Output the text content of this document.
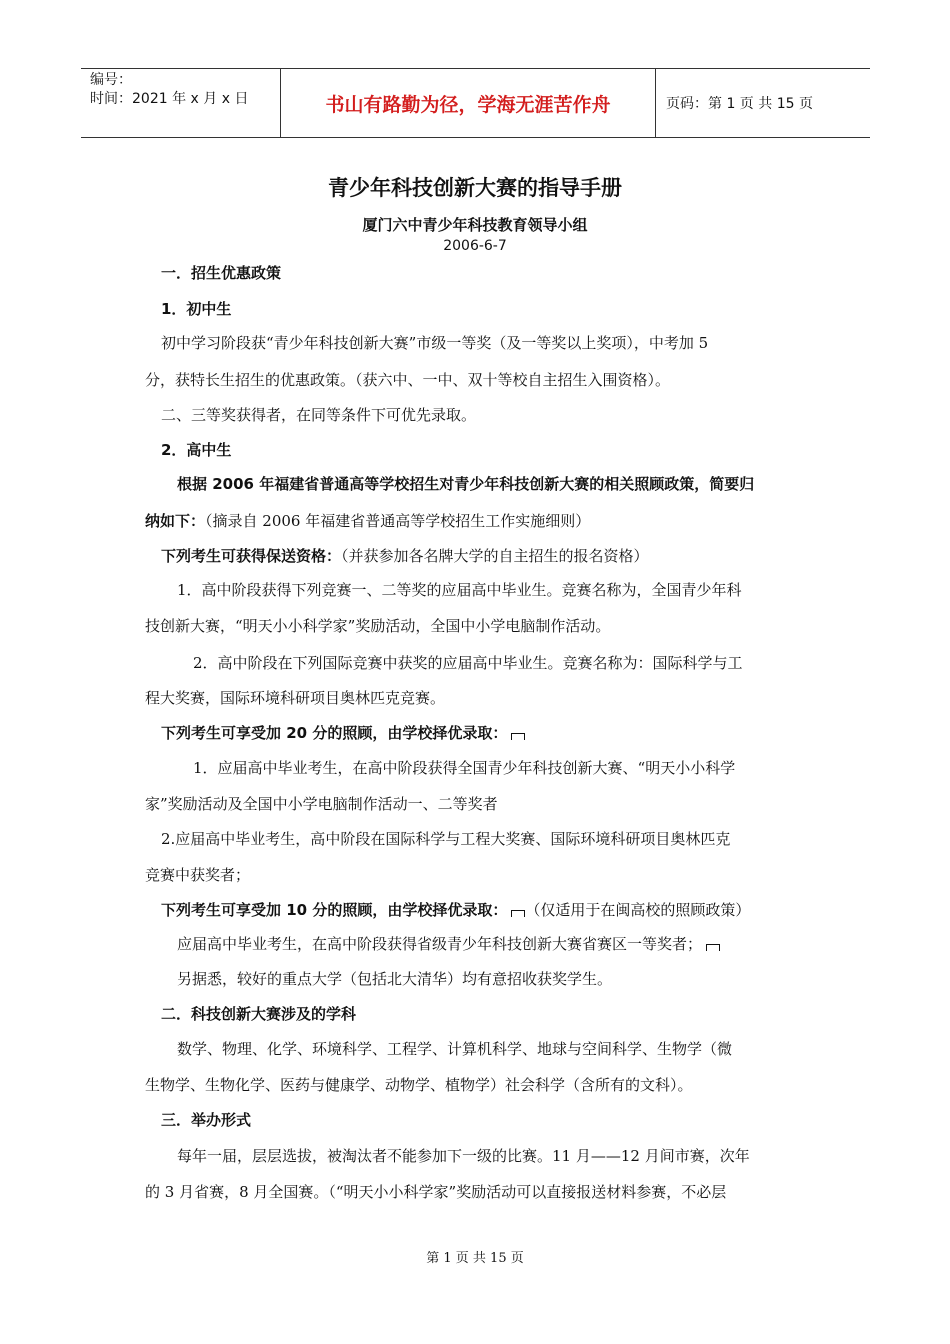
编号：
时间：2021 年 x 月 x 日	书山有路勤为径，学海无涯苦作舟	页码：第 1 页 共 15 页
青少年科技创新大赛的指导手册
厦门六中青少年科技教育领导小组
2006-6-7
一．招生优惠政策
1．初中生
初中学习阶段获“青少年科技创新大赛”市级一等奖（及一等奖以上奖项），中考加 5
分，获特长生招生的优惠政策。（获六中、一中、双十等校自主招生入围资格）。
二、三等奖获得者，在同等条件下可优先录取。
2．高中生
根据 2006 年福建省普通高等学校招生对青少年科技创新大赛的相关照顾政策，简要归
纳如下：（摘录自 2006 年福建省普通高等学校招生工作实施细则）
下列考生可获得保送资格：（并获参加各名牌大学的自主招生的报名资格）
1．高中阶段获得下列竞赛一、二等奖的应届高中毕业生。竞赛名称为，全国青少年科
技创新大赛，“明天小小科学家”奖励活动，全国中小学电脑制作活动。
2．高中阶段在下列国际竞赛中获奖的应届高中毕业生。竞赛名称为：国际科学与工
程大奖赛，国际环境科研项目奥林匹克竞赛。
下列考生可享受加 20 分的照顾，由学校择优录取：
1．应届高中毕业考生，在高中阶段获得全国青少年科技创新大赛、“明天小小科学
家”奖励活动及全国中小学电脑制作活动一、二等奖者
2.应届高中毕业考生，高中阶段在国际科学与工程大奖赛、国际环境科研项目奥林匹克
竞赛中获奖者；
下列考生可享受加 10 分的照顾，由学校择优录取： （仅适用于在闽高校的照顾政策）
应届高中毕业考生，在高中阶段获得省级青少年科技创新大赛省赛区一等奖者；
另据悉，较好的重点大学（包括北大清华）均有意招收获奖学生。
二．科技创新大赛涉及的学科
数学、物理、化学、环境科学、工程学、计算机科学、地球与空间科学、生物学（微
生物学、生物化学、医药与健康学、动物学、植物学）社会科学（含所有的文科）。
三．举办形式
每年一届，层层选拔，被淘汰者不能参加下一级的比赛。11 月——12 月间市赛，次年
的 3 月省赛，8 月全国赛。（“明天小小科学家”奖励活动可以直接报送材料参赛，不必层
第 1 页 共 15 页
